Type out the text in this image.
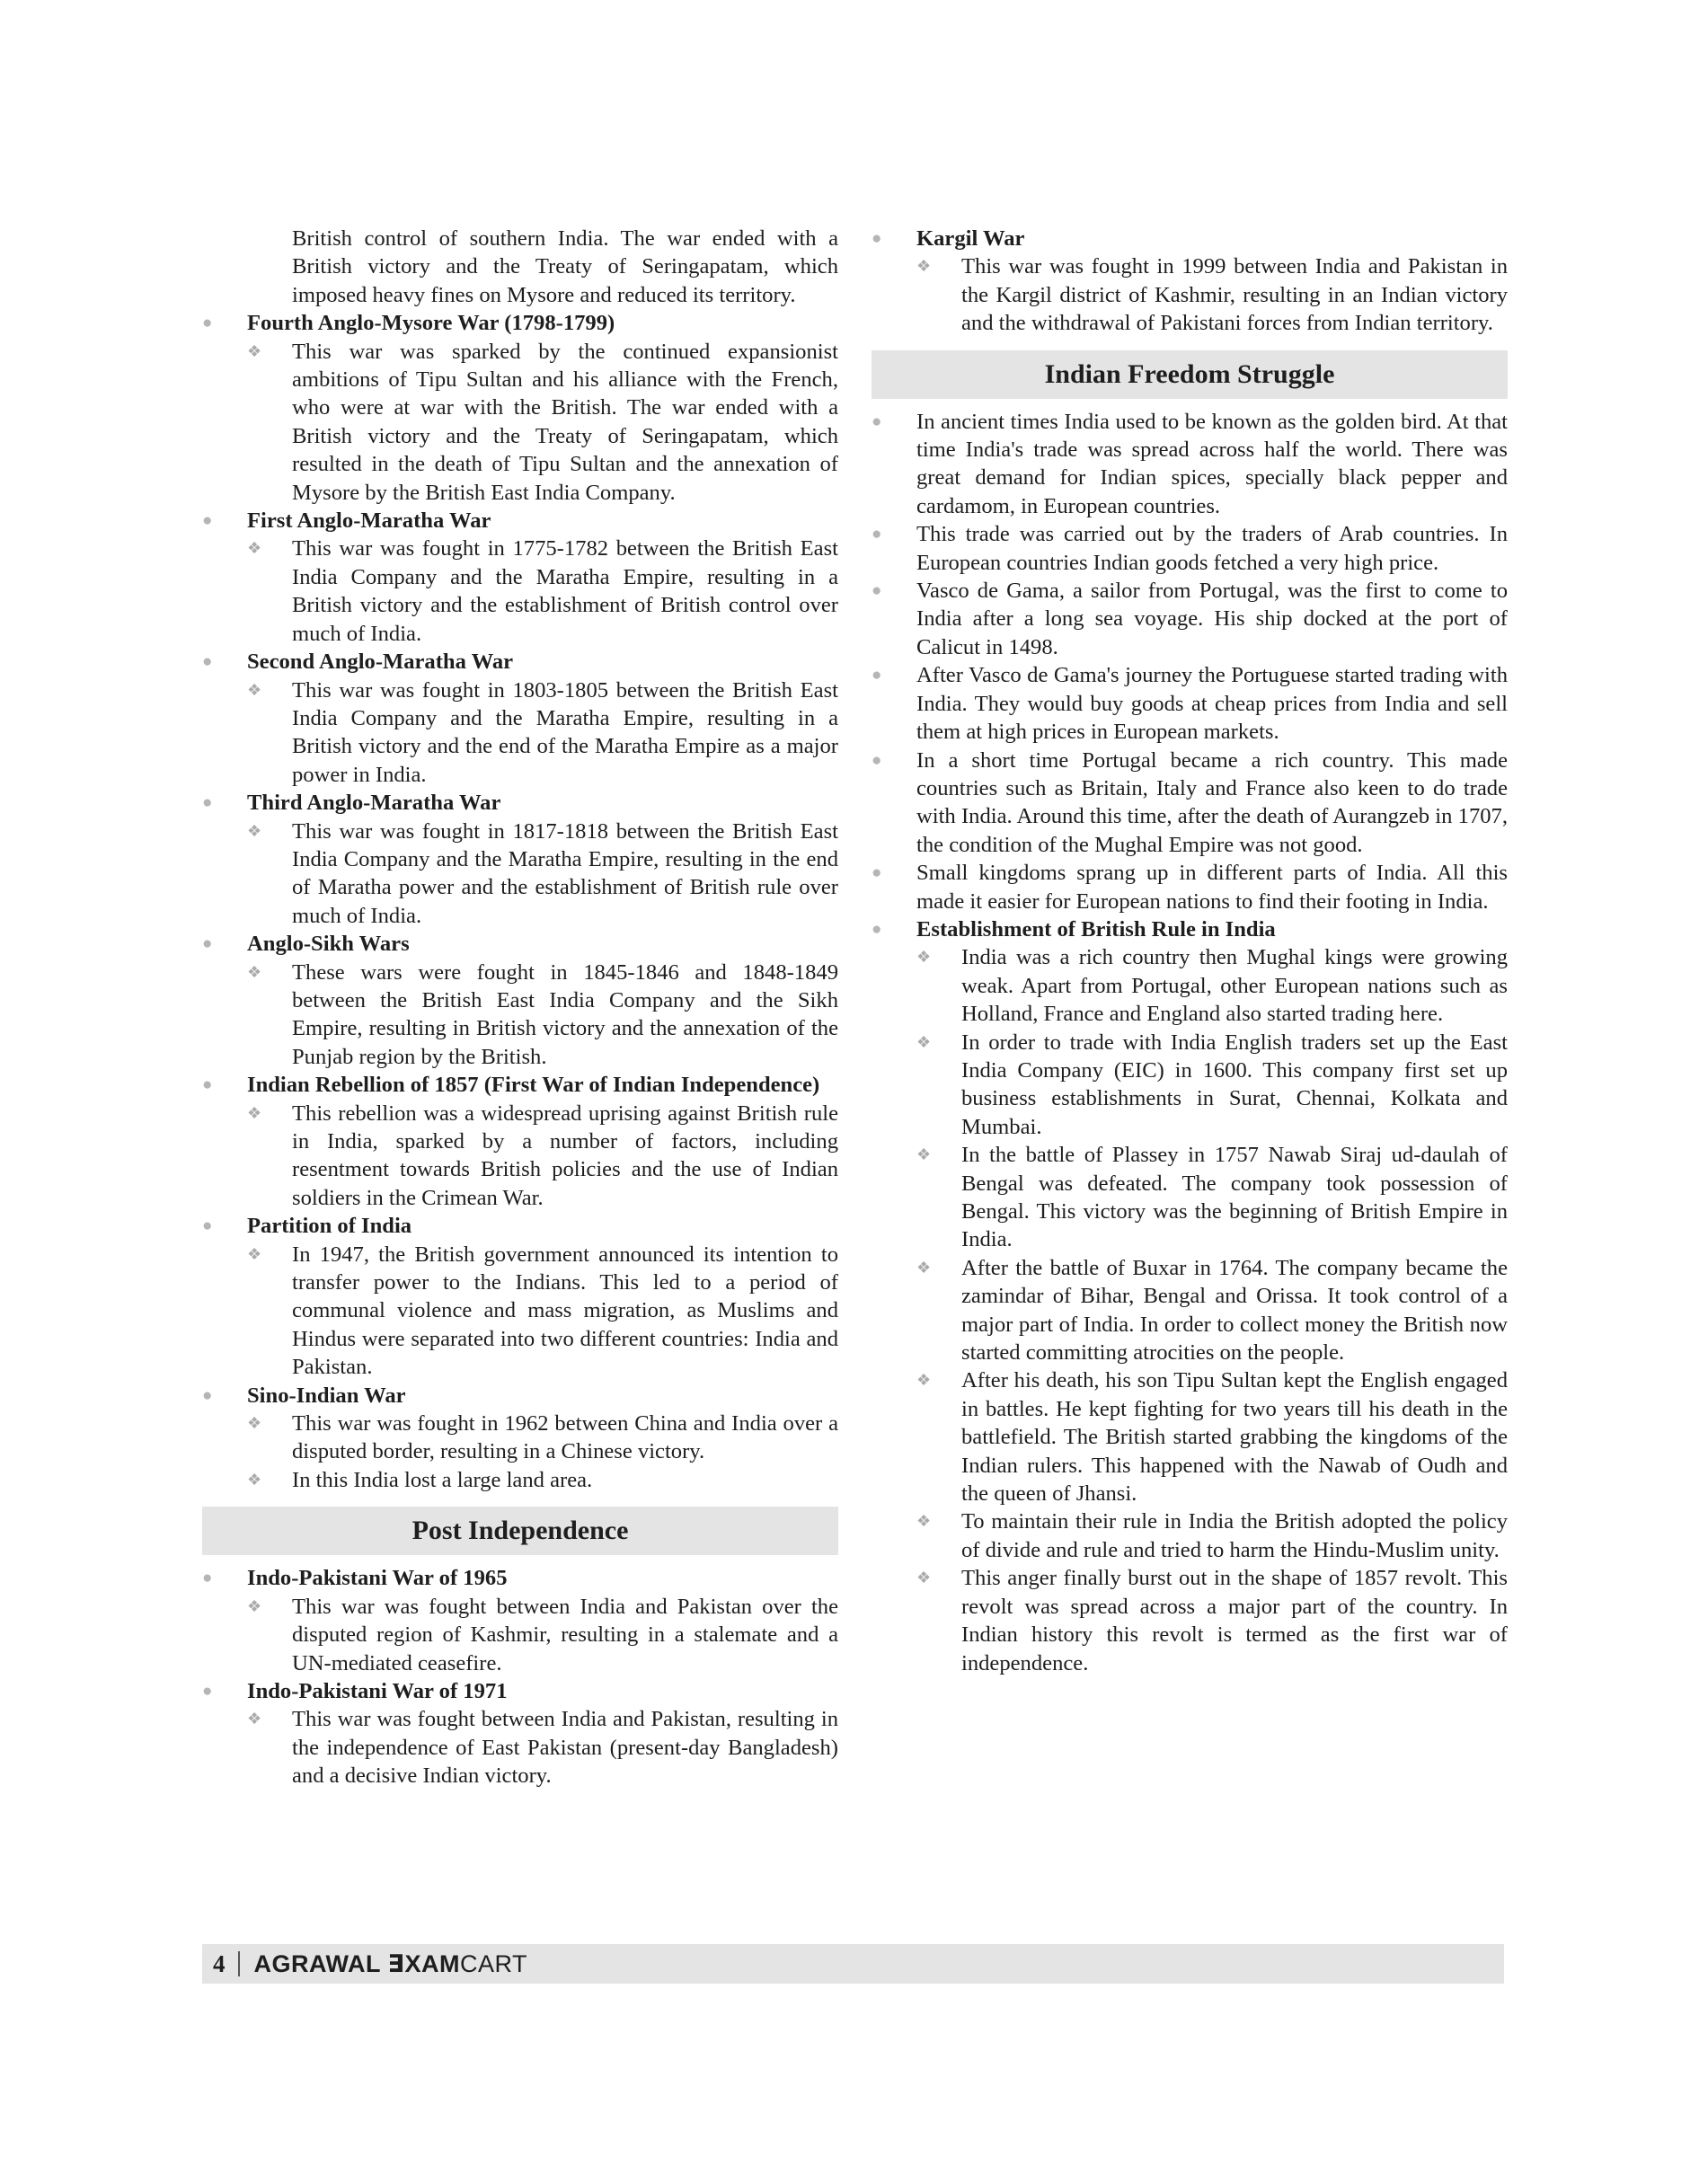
British control of southern India. The war ended with a British victory and the Treaty of Seringapatam, which imposed heavy fines on Mysore and reduced its territory.
● Fourth Anglo-Mysore War (1798-1799)
❖ This war was sparked by the continued expansionist ambitions of Tipu Sultan and his alliance with the French, who were at war with the British. The war ended with a British victory and the Treaty of Seringapatam, which resulted in the death of Tipu Sultan and the annexation of Mysore by the British East India Company.
● First Anglo-Maratha War
❖ This war was fought in 1775-1782 between the British East India Company and the Maratha Empire, resulting in a British victory and the establishment of British control over much of India.
● Second Anglo-Maratha War
❖ This war was fought in 1803-1805 between the British East India Company and the Maratha Empire, resulting in a British victory and the end of the Maratha Empire as a major power in India.
● Third Anglo-Maratha War
❖ This war was fought in 1817-1818 between the British East India Company and the Maratha Empire, resulting in the end of Maratha power and the establishment of British rule over much of India.
● Anglo-Sikh Wars
❖ These wars were fought in 1845-1846 and 1848-1849 between the British East India Company and the Sikh Empire, resulting in British victory and the annexation of the Punjab region by the British.
● Indian Rebellion of 1857 (First War of Indian Independence)
❖ This rebellion was a widespread uprising against British rule in India, sparked by a number of factors, including resentment towards British policies and the use of Indian soldiers in the Crimean War.
● Partition of India
❖ In 1947, the British government announced its intention to transfer power to the Indians. This led to a period of communal violence and mass migration, as Muslims and Hindus were separated into two different countries: India and Pakistan.
● Sino-Indian War
❖ This war was fought in 1962 between China and India over a disputed border, resulting in a Chinese victory.
❖ In this India lost a large land area.
Post Independence
● Indo-Pakistani War of 1965
❖ This war was fought between India and Pakistan over the disputed region of Kashmir, resulting in a stalemate and a UN-mediated ceasefire.
● Indo-Pakistani War of 1971
❖ This war was fought between India and Pakistan, resulting in the independence of East Pakistan (present-day Bangladesh) and a decisive Indian victory.
● Kargil War
❖ This war was fought in 1999 between India and Pakistan in the Kargil district of Kashmir, resulting in an Indian victory and the withdrawal of Pakistani forces from Indian territory.
Indian Freedom Struggle
● In ancient times India used to be known as the golden bird. At that time India's trade was spread across half the world. There was great demand for Indian spices, specially black pepper and cardamom, in European countries.
● This trade was carried out by the traders of Arab countries. In European countries Indian goods fetched a very high price.
● Vasco de Gama, a sailor from Portugal, was the first to come to India after a long sea voyage. His ship docked at the port of Calicut in 1498.
● After Vasco de Gama's journey the Portuguese started trading with India. They would buy goods at cheap prices from India and sell them at high prices in European markets.
● In a short time Portugal became a rich country. This made countries such as Britain, Italy and France also keen to do trade with India. Around this time, after the death of Aurangzeb in 1707, the condition of the Mughal Empire was not good.
● Small kingdoms sprang up in different parts of India. All this made it easier for European nations to find their footing in India.
● Establishment of British Rule in India
❖ India was a rich country then Mughal kings were growing weak. Apart from Portugal, other European nations such as Holland, France and England also started trading here.
❖ In order to trade with India English traders set up the East India Company (EIC) in 1600. This company first set up business establishments in Surat, Chennai, Kolkata and Mumbai.
❖ In the battle of Plassey in 1757 Nawab Siraj ud-daulah of Bengal was defeated. The company took possession of Bengal. This victory was the beginning of British Empire in India.
❖ After the battle of Buxar in 1764. The company became the zamindar of Bihar, Bengal and Orissa. It took control of a major part of India. In order to collect money the British now started committing atrocities on the people.
❖ After his death, his son Tipu Sultan kept the English engaged in battles. He kept fighting for two years till his death in the battlefield. The British started grabbing the kingdoms of the Indian rulers. This happened with the Nawab of Oudh and the queen of Jhansi.
❖ To maintain their rule in India the British adopted the policy of divide and rule and tried to harm the Hindu-Muslim unity.
❖ This anger finally burst out in the shape of 1857 revolt. This revolt was spread across a major part of the country. In Indian history this revolt is termed as the first war of independence.
4 AGRAWAL ∃XAMCART
